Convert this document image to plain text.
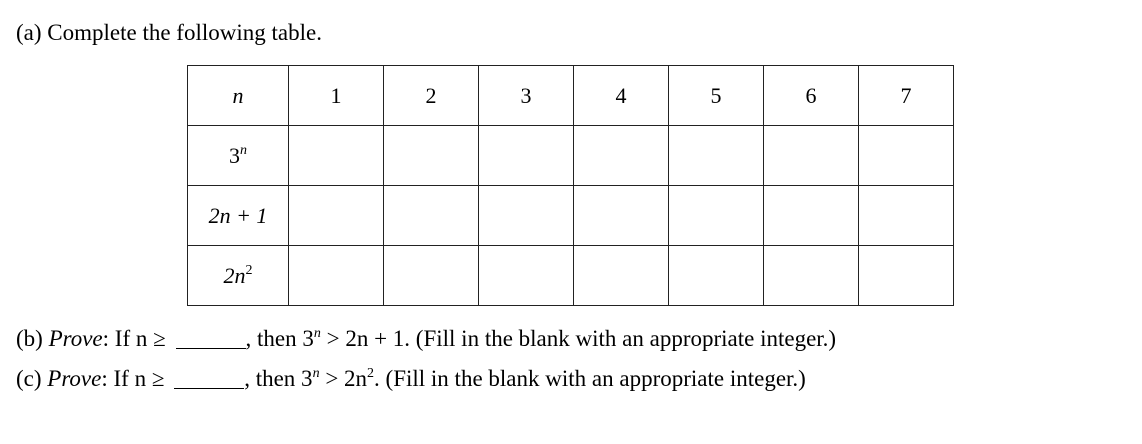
(a) Complete the following table.
n	1	2	3	4	5	6	7
3$^n$							
2n + 1							
$2n^2$							
(b) Prove: If n ≥	, then $3^n > 2n + 1$. (Fill in the blank with an appropriate integer.)
(c) Prove: If n ≥	, then $3^n > 2n^2$. (Fill in the blank with an appropriate integer.)
